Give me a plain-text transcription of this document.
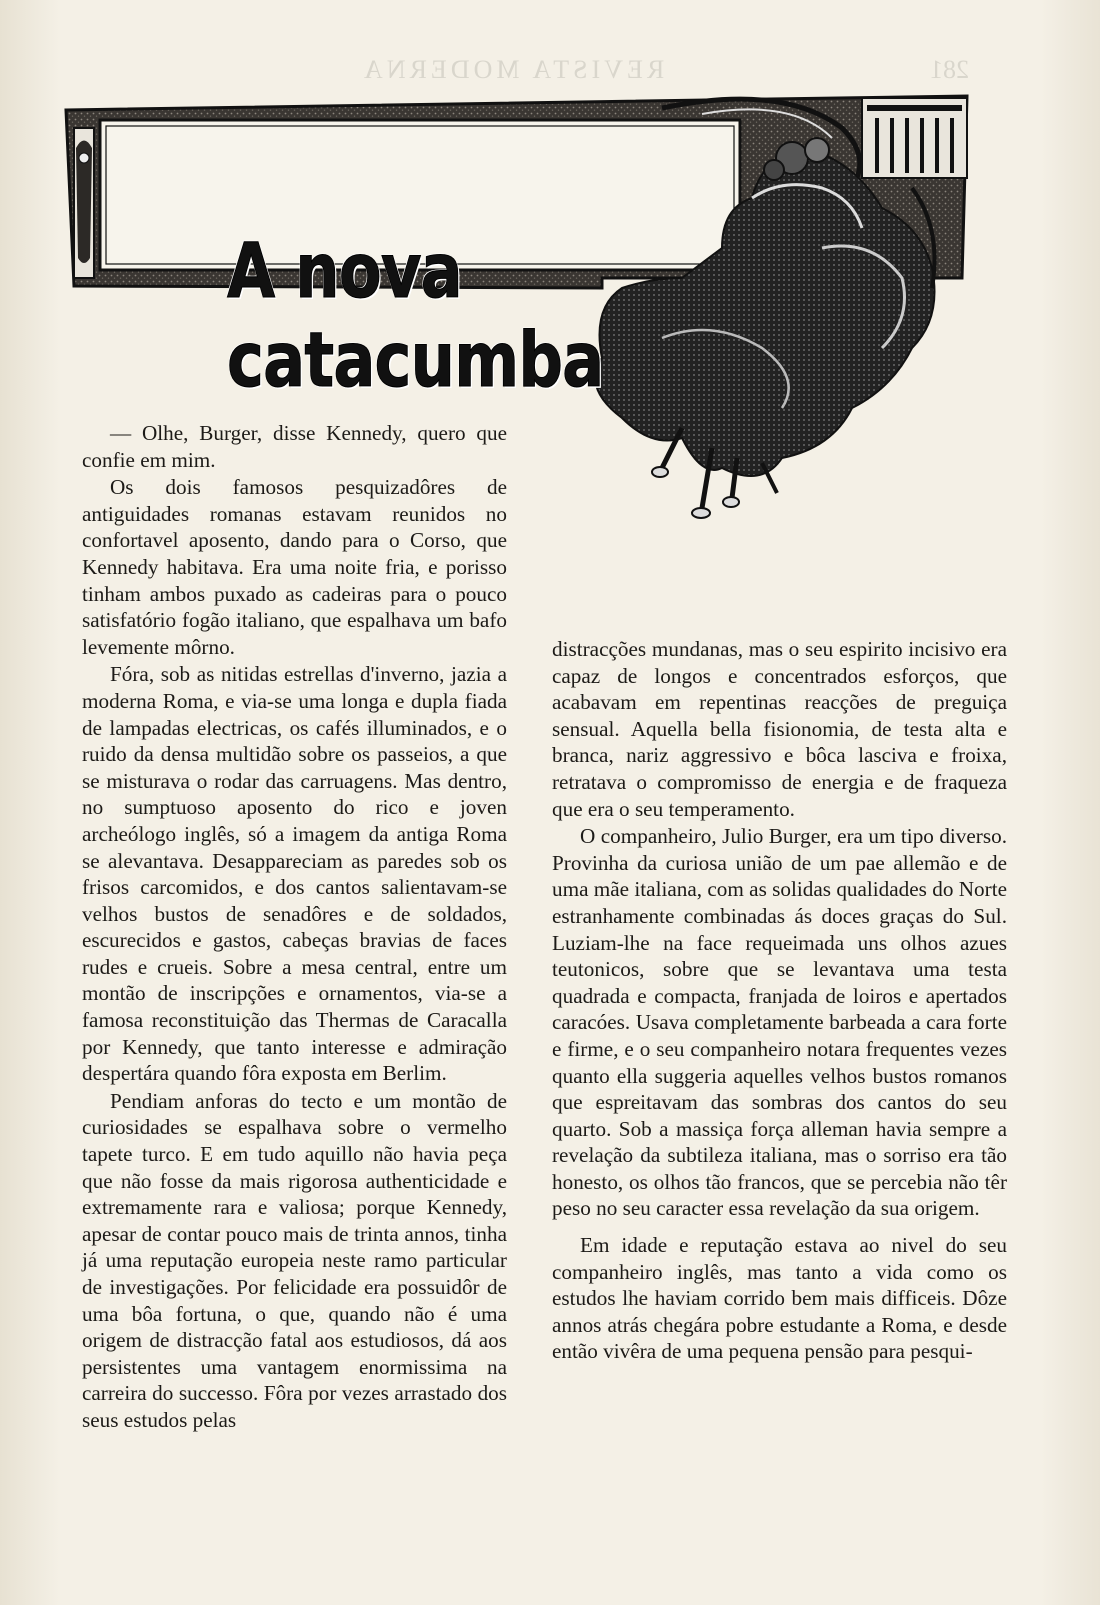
REVISTA MODERNA	281
A nova catacumba

— Olhe, Burger, disse Kennedy, quero que confie em mim.

Os dois famosos pesquizadôres de antiguidades romanas estavam reunidos no confortavel aposento, dando para o Corso, que Kennedy habitava. Era uma noite fria, e porisso tinham ambos puxado as cadeiras para o pouco satisfatório fogão italiano, que espalhava um bafo levemente môrno.

Fóra, sob as nitidas estrellas d'inverno, jazia a moderna Roma, e via-se uma longa e dupla fiada de lampadas electricas, os cafés illuminados, e o ruido da densa multidão sobre os passeios, a que se misturava o rodar das carruagens. Mas dentro, no sumptuoso aposento do rico e joven archeólogo inglês, só a imagem da antiga Roma se alevantava. Desappareciam as paredes sob os frisos carcomidos, e dos cantos salientavam-se velhos bustos de senadôres e de soldados, escurecidos e gastos, cabeças bravias de faces rudes e crueis. Sobre a mesa central, entre um montão de inscripções e ornamentos, via-se a famosa reconstituição das Thermas de Caracalla por Kennedy, que tanto interesse e admiração despertára quando fôra exposta em Berlim.

Pendiam anforas do tecto e um montão de curiosidades se espalhava sobre o vermelho tapete turco. E em tudo aquillo não havia peça que não fosse da mais rigorosa authenticidade e extremamente rara e valiosa; porque Kennedy, apesar de contar pouco mais de trinta annos, tinha já uma reputação europeia neste ramo particular de investigações. Por felicidade era possuidôr de uma bôa fortuna, o que, quando não é uma origem de distracção fatal aos estudiosos, dá aos persistentes uma vantagem enormissima na carreira do successo. Fôra por vezes arrastado dos seus estudos pelas

distracções mundanas, mas o seu espirito incisivo era capaz de longos e concentrados esforços, que acabavam em repentinas reacções de preguiça sensual. Aquella bella fisionomia, de testa alta e branca, nariz aggressivo e bôca lasciva e froixa, retratava o compromisso de energia e de fraqueza que era o seu temperamento.

O companheiro, Julio Burger, era um tipo diverso. Provinha da curiosa união de um pae allemão e de uma mãe italiana, com as solidas qualidades do Norte estranhamente combinadas ás doces graças do Sul. Luziam-lhe na face requeimada uns olhos azues teutonicos, sobre que se levantava uma testa quadrada e compacta, franjada de loiros e apertados caracóes. Usava completamente barbeada a cara forte e firme, e o seu companheiro notara frequentes vezes quanto ella suggeria aquelles velhos bustos romanos que espreitavam das sombras dos cantos do seu quarto. Sob a massiça força alleman havia sempre a revelação da subtileza italiana, mas o sorriso era tão honesto, os olhos tão francos, que se percebia não têr peso no seu caracter essa revelação da sua origem.

Em idade e reputação estava ao nivel do seu companheiro inglês, mas tanto a vida como os estudos lhe haviam corrido bem mais difficeis. Dôze annos atrás chegára pobre estudante a Roma, e desde então vivêra de uma pequena pensão para pesqui-
